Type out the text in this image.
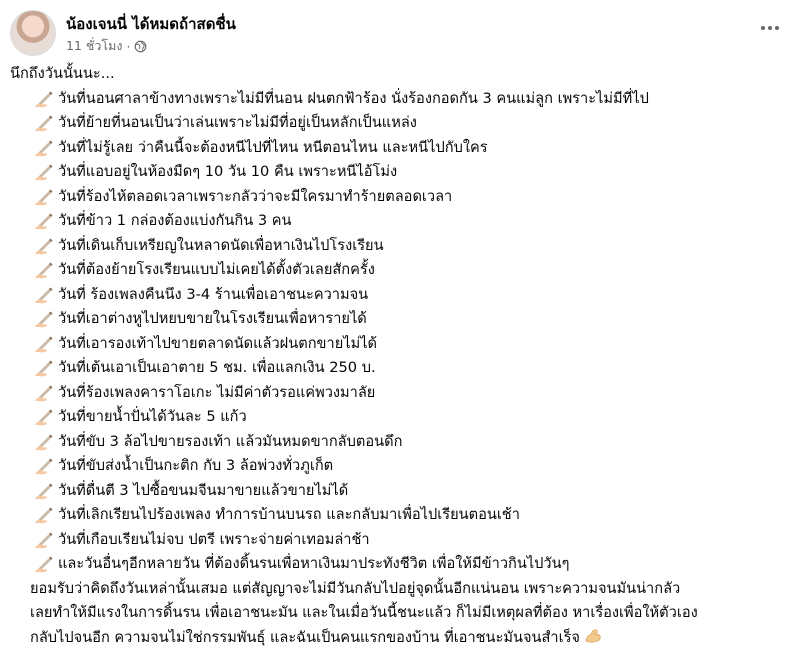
น้องเจนนี่ ได้หมดถ้าสดชื่น
11 ชั่วโมง ·

นึกถึงวันนั้นนะ...

วันที่นอนศาลาข้างทางเพราะไม่มีที่นอน ฝนตกฟ้าร้อง นั่งร้องกอดกัน 3 คนแม่ลูก เพราะไม่มีที่ไป
วันที่ย้ายที่นอนเป็นว่าเล่นเพราะไม่มีที่อยู่เป็นหลักเป็นแหล่ง
วันที่ไม่รู้เลย ว่าคืนนี้จะต้องหนีไปที่ไหน หนีตอนไหน และหนีไปกับใคร
วันที่แอบอยู่ในห้องมืดๆ 10 วัน 10 คืน เพราะหนีไอ้โม่ง
วันที่ร้องไห้ตลอดเวลาเพราะกลัวว่าจะมีใครมาทำร้ายตลอดเวลา
วันที่ข้าว 1 กล่องต้องแบ่งกันกิน 3 คน
วันที่เดินเก็บเหรียญในหลาดนัดเพื่อหาเงินไปโรงเรียน
วันที่ต้องย้ายโรงเรียนแบบไม่เคยได้ตั้งตัวเลยสักครั้ง
วันที่ ร้องเพลงคืนนึง 3-4 ร้านเพื่อเอาชนะความจน
วันที่เอาต่างหูไปหยบขายในโรงเรียนเพื่อหารายได้
วันที่เอารองเท้าไปขายตลาดนัดแล้วฝนตกขายไม่ได้
วันที่เต้นเอาเป็นเอาตาย 5 ชม. เพื่อแลกเงิน 250 บ.
วันที่ร้องเพลงคาราโอเกะ ไม่มีค่าตัวรอแค่พวงมาลัย
วันที่ขายน้ำปั่นได้วันละ 5 แก้ว
วันที่ขับ 3 ล้อไปขายรองเท้า แล้วมันหมดขากลับตอนดึก
วันที่ขับส่งน้ำเป็นกะติก กับ 3 ล้อพ่วงทั่วภูเก็ต
วันที่ดื่นตี 3 ไปซื้อขนมจีนมาขายแล้วขายไม่ได้
วันที่เลิกเรียนไปร้องเพลง ทำการบ้านบนรถ และกลับมาเพื่อไปเรียนตอนเช้า
วันที่เกือบเรียนไม่จบ ปตรี เพราะจ่ายค่าเทอมล่าช้า
และวันอื่นๆอีกหลายวัน ที่ต้องดิ้นรนเพื่อหาเงินมาประทังชีวิต เพื่อให้มีข้าวกินไปวันๆ

ยอมรับว่าคิดถึงวันเหล่านั้นเสมอ แต่สัญญาจะไม่มีวันกลับไปอยู่จุดนั้นอีกแน่นอน เพราะความจนมันน่ากลัว
เลยทำให้มีแรงในการดิ้นรน เพื่อเอาชนะมัน และในเมื่อวันนี้ชนะแล้ว ก็ไม่มีเหตุผลที่ต้อง หาเรื่องเพื่อให้ตัวเอง
กลับไปจนอีก ความจนไม่ใช่กรรมพันธุ์ และฉันเป็นคนแรกของบ้าน ที่เอาชนะมันจนสำเร็จ
